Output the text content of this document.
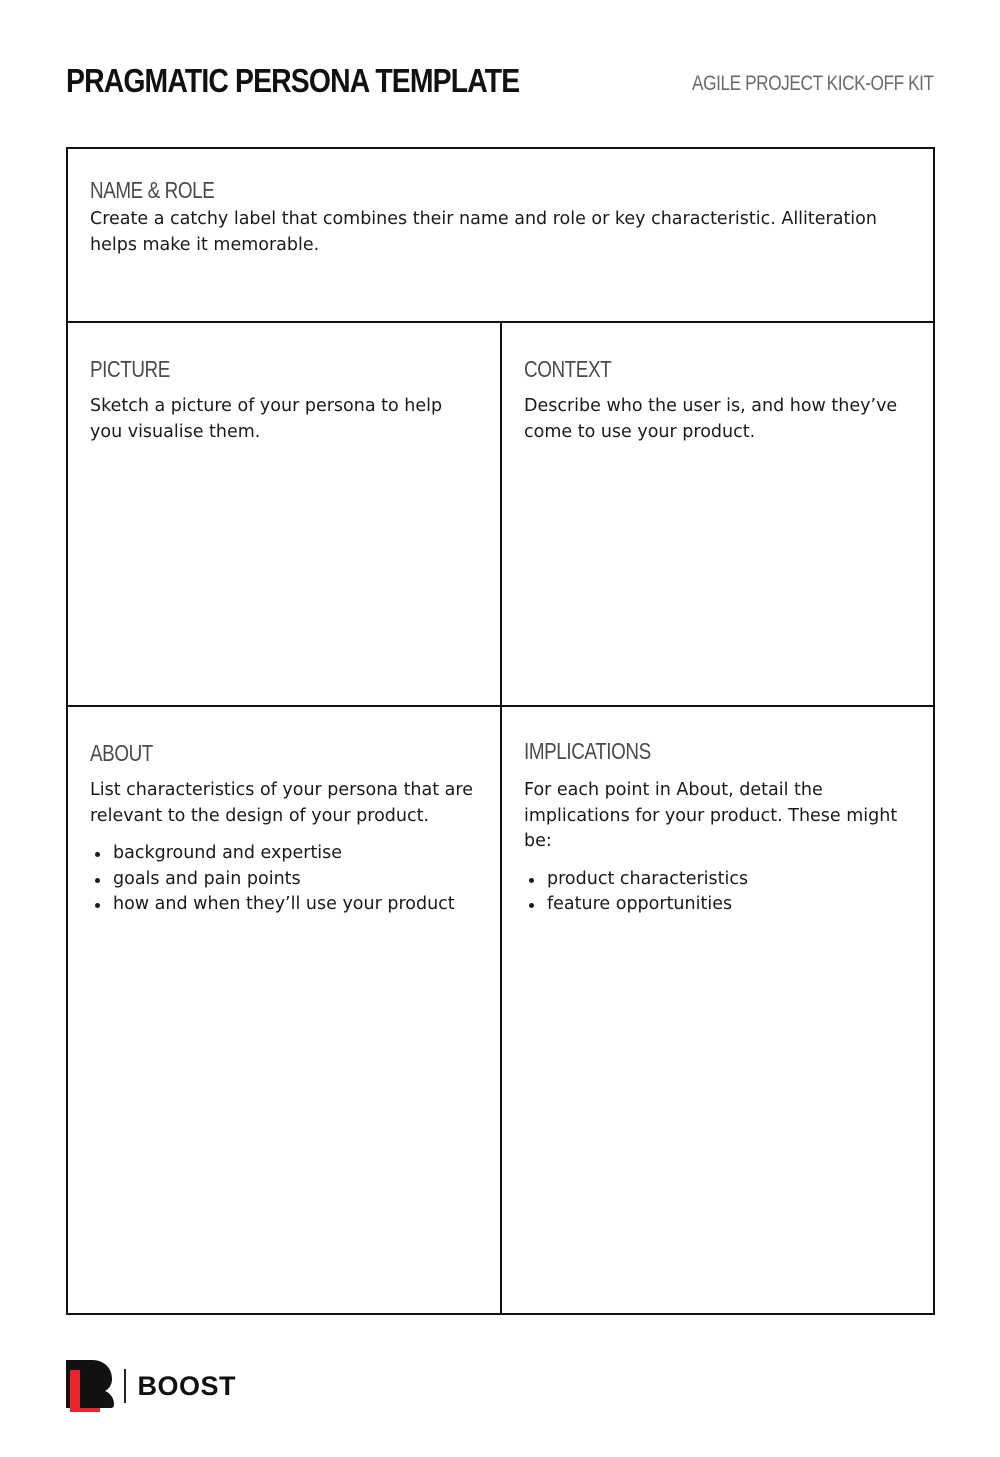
PRAGMATIC PERSONA TEMPLATE	AGILE PROJECT KICK-OFF KIT
NAME & ROLE

Create a catchy label that combines their name and role or key characteristic. Alliteration helps make it memorable.

PICTURE

Sketch a picture of your persona to help you visualise them.

CONTEXT

Describe who the user is, and how they’ve come to use your product.

ABOUT

List characteristics of your persona that are relevant to the design of your product.

background and expertise
goals and pain points
how and when they’ll use your product
IMPLICATIONS

For each point in About, detail the implications for your product. These might be:

product characteristics
feature opportunities
BOOST
